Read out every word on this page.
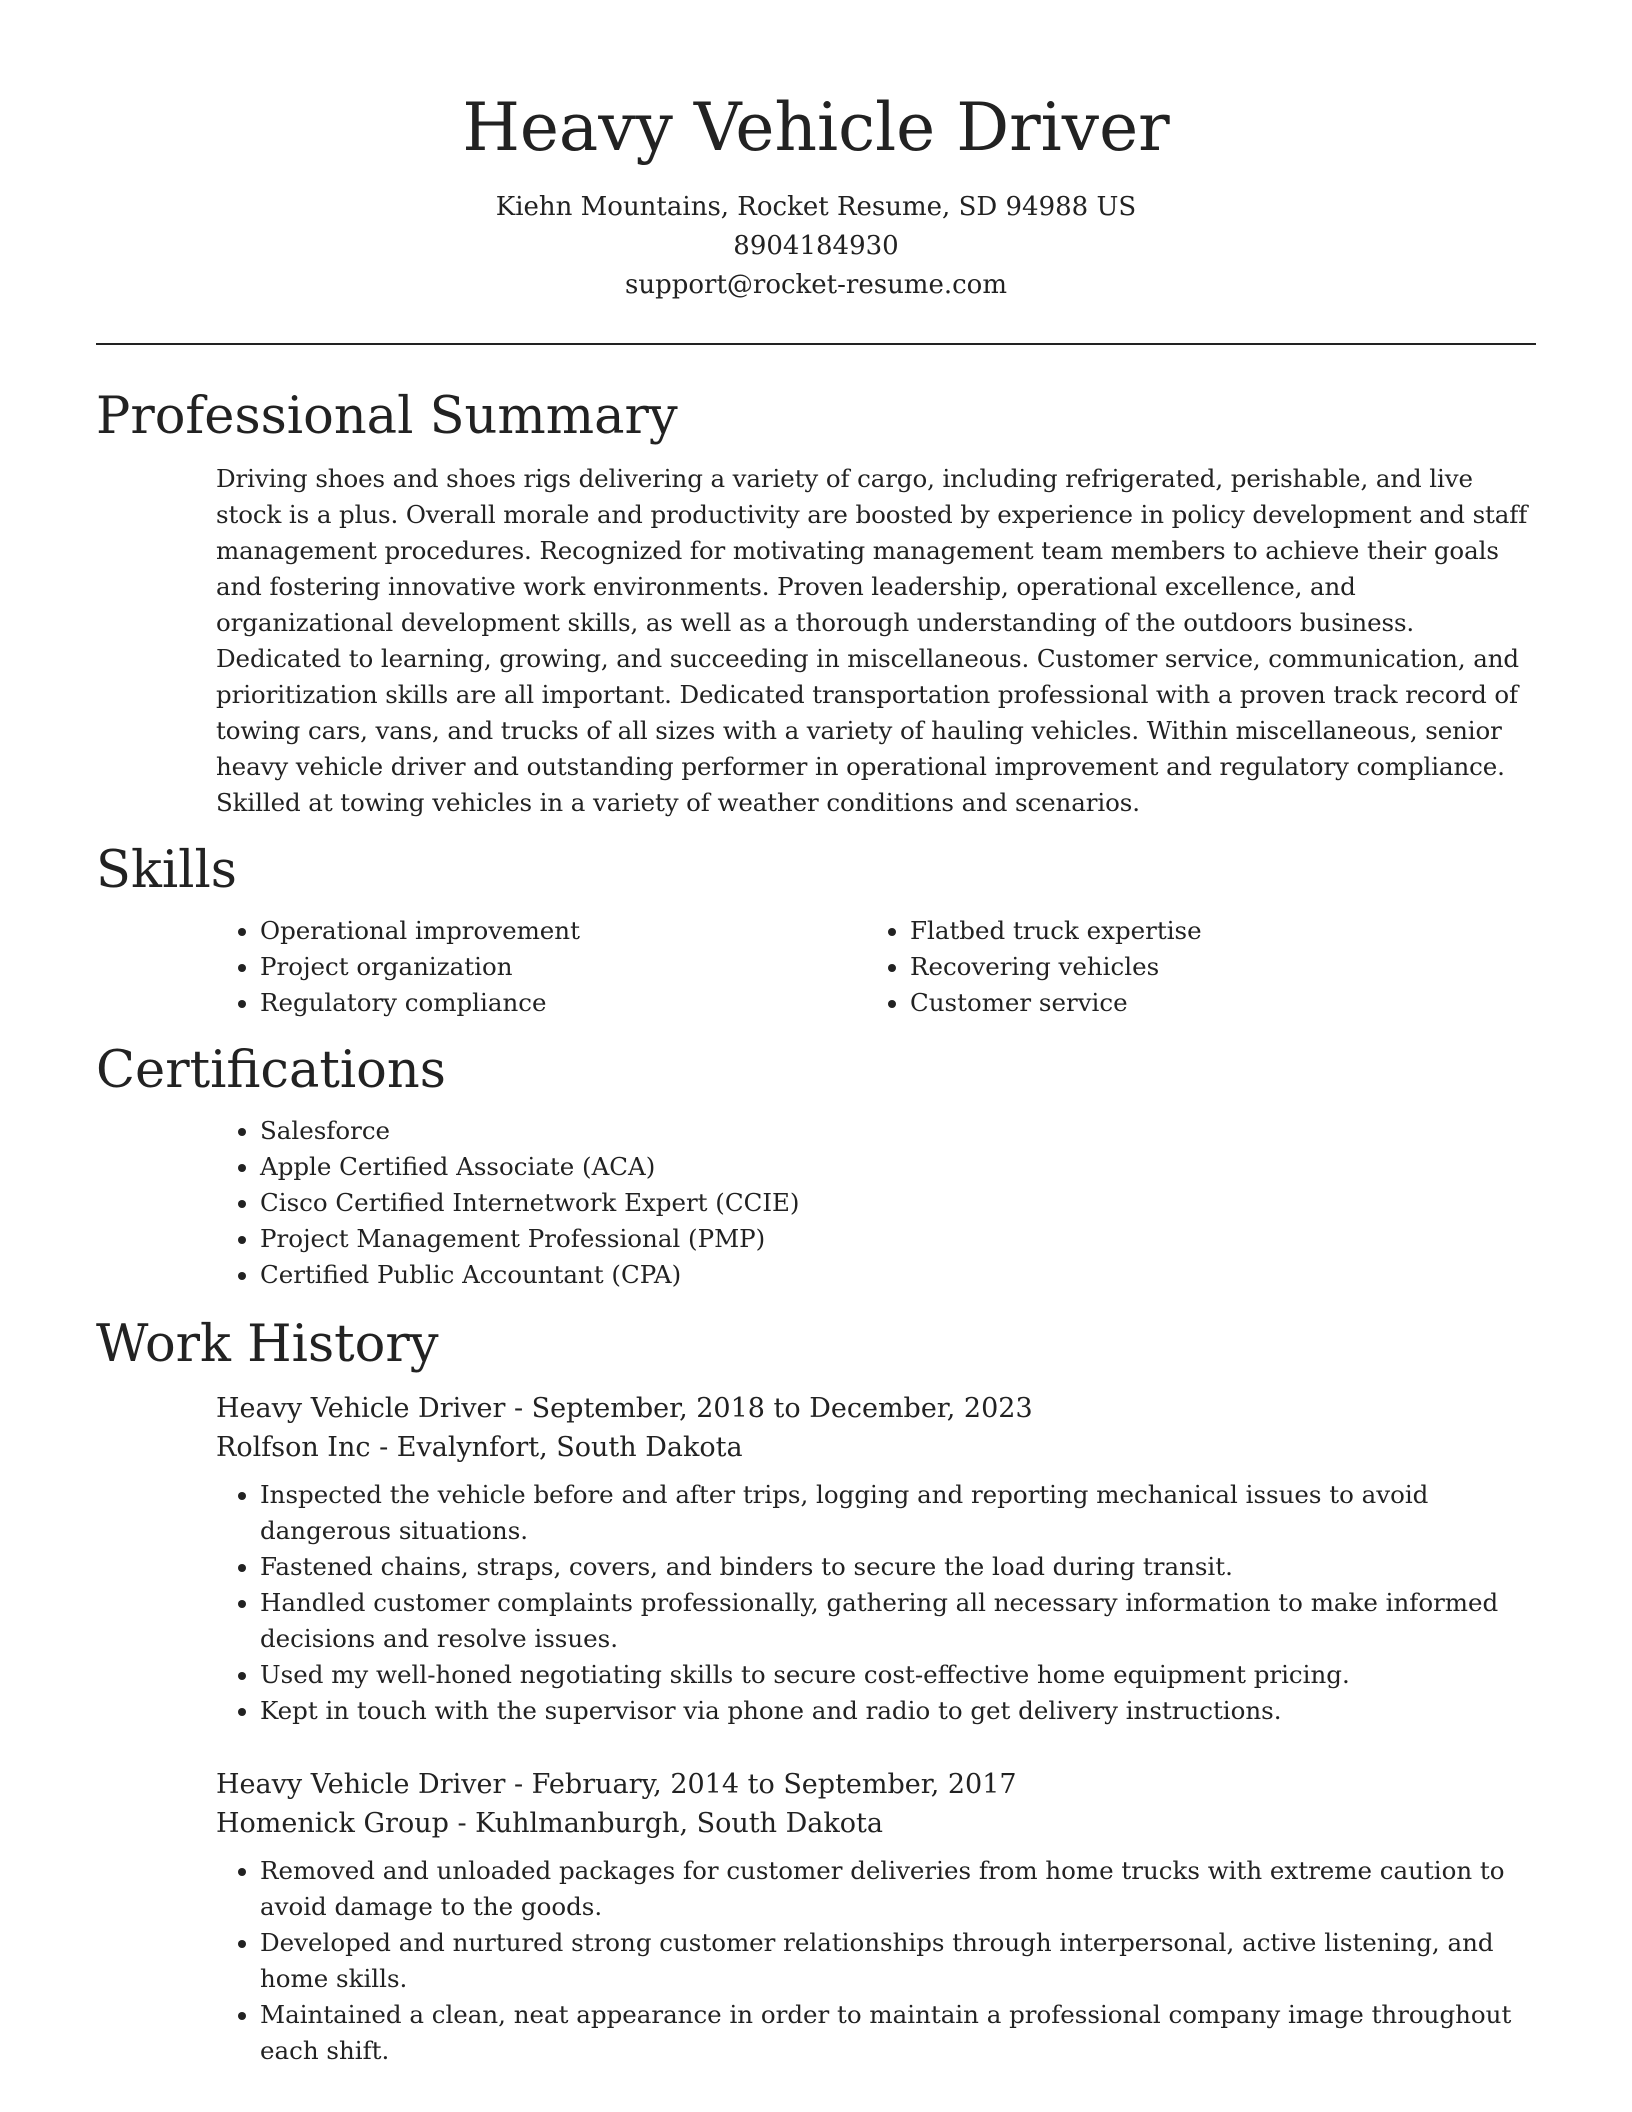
Heavy Vehicle Driver

Kiehn Mountains, Rocket Resume, SD 94988 US

8904184930

support@rocket-resume.com

Professional Summary

Driving shoes and shoes rigs delivering a variety of cargo, including refrigerated, perishable, and live stock is a plus. Overall morale and productivity are boosted by experience in policy development and staff management procedures. Recognized for motivating management team members to achieve their goals and fostering innovative work environments. Proven leadership, operational excellence, and organizational development skills, as well as a thorough understanding of the outdoors business. Dedicated to learning, growing, and succeeding in miscellaneous. Customer service, communication, and prioritization skills are all important. Dedicated transportation professional with a proven track record of towing cars, vans, and trucks of all sizes with a variety of hauling vehicles. Within miscellaneous, senior heavy vehicle driver and outstanding performer in operational improvement and regulatory compliance. Skilled at towing vehicles in a variety of weather conditions and scenarios.

Skills
• Operational improvement
• Project organization
• Regulatory compliance
• Flatbed truck expertise
• Recovering vehicles
• Customer service
Certifications
• Salesforce
• Apple Certified Associate (ACA)
• Cisco Certified Internetwork Expert (CCIE)
• Project Management Professional (PMP)
• Certified Public Accountant (CPA)
Work History

Heavy Vehicle Driver - September, 2018 to December, 2023

Rolfson Inc - Evalynfort, South Dakota

• Inspected the vehicle before and after trips, logging and reporting mechanical issues to avoid dangerous situations.
• Fastened chains, straps, covers, and binders to secure the load during transit.
• Handled customer complaints professionally, gathering all necessary information to make informed decisions and resolve issues.
• Used my well-honed negotiating skills to secure cost-effective home equipment pricing.
• Kept in touch with the supervisor via phone and radio to get delivery instructions.

Heavy Vehicle Driver - February, 2014 to September, 2017

Homenick Group - Kuhlmanburgh, South Dakota

• Removed and unloaded packages for customer deliveries from home trucks with extreme caution to avoid damage to the goods.
• Developed and nurtured strong customer relationships through interpersonal, active listening, and home skills.
• Maintained a clean, neat appearance in order to maintain a professional company image throughout each shift.
